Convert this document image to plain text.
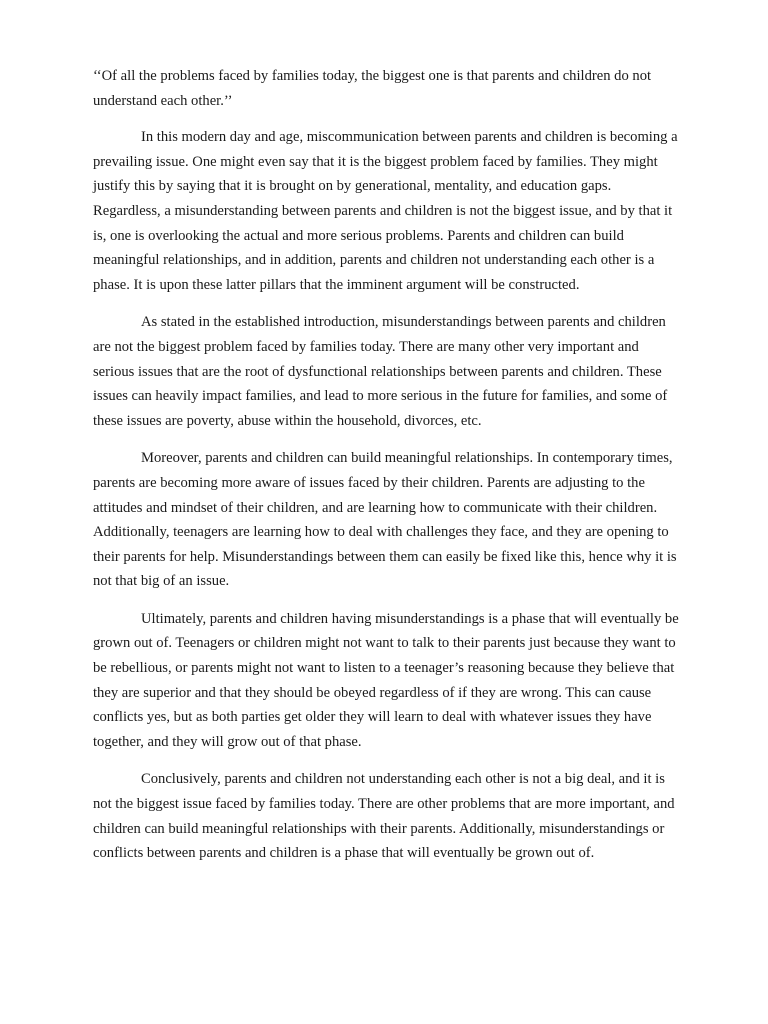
‘‘Of all the problems faced by families today, the biggest one is that parents and children do not understand each other.’’

In this modern day and age, miscommunication between parents and children is becoming a prevailing issue. One might even say that it is the biggest problem faced by families. They might justify this by saying that it is brought on by generational, mentality, and education gaps. Regardless, a misunderstanding between parents and children is not the biggest issue, and by that it is, one is overlooking the actual and more serious problems. Parents and children can build meaningful relationships, and in addition, parents and children not understanding each other is a phase. It is upon these latter pillars that the imminent argument will be constructed.

As stated in the established introduction, misunderstandings between parents and children are not the biggest problem faced by families today. There are many other very important and serious issues that are the root of dysfunctional relationships between parents and children. These issues can heavily impact families, and lead to more serious in the future for families, and some of these issues are poverty, abuse within the household, divorces, etc.

Moreover, parents and children can build meaningful relationships. In contemporary times, parents are becoming more aware of issues faced by their children. Parents are adjusting to the attitudes and mindset of their children, and are learning how to communicate with their children. Additionally, teenagers are learning how to deal with challenges they face, and they are opening to their parents for help. Misunderstandings between them can easily be fixed like this, hence why it is not that big of an issue.

Ultimately, parents and children having misunderstandings is a phase that will eventually be grown out of. Teenagers or children might not want to talk to their parents just because they want to be rebellious, or parents might not want to listen to a teenager’s reasoning because they believe that they are superior and that they should be obeyed regardless of if they are wrong. This can cause conflicts yes, but as both parties get older they will learn to deal with whatever issues they have together, and they will grow out of that phase.

Conclusively, parents and children not understanding each other is not a big deal, and it is not the biggest issue faced by families today. There are other problems that are more important, and children can build meaningful relationships with their parents. Additionally, misunderstandings or conflicts between parents and children is a phase that will eventually be grown out of.
